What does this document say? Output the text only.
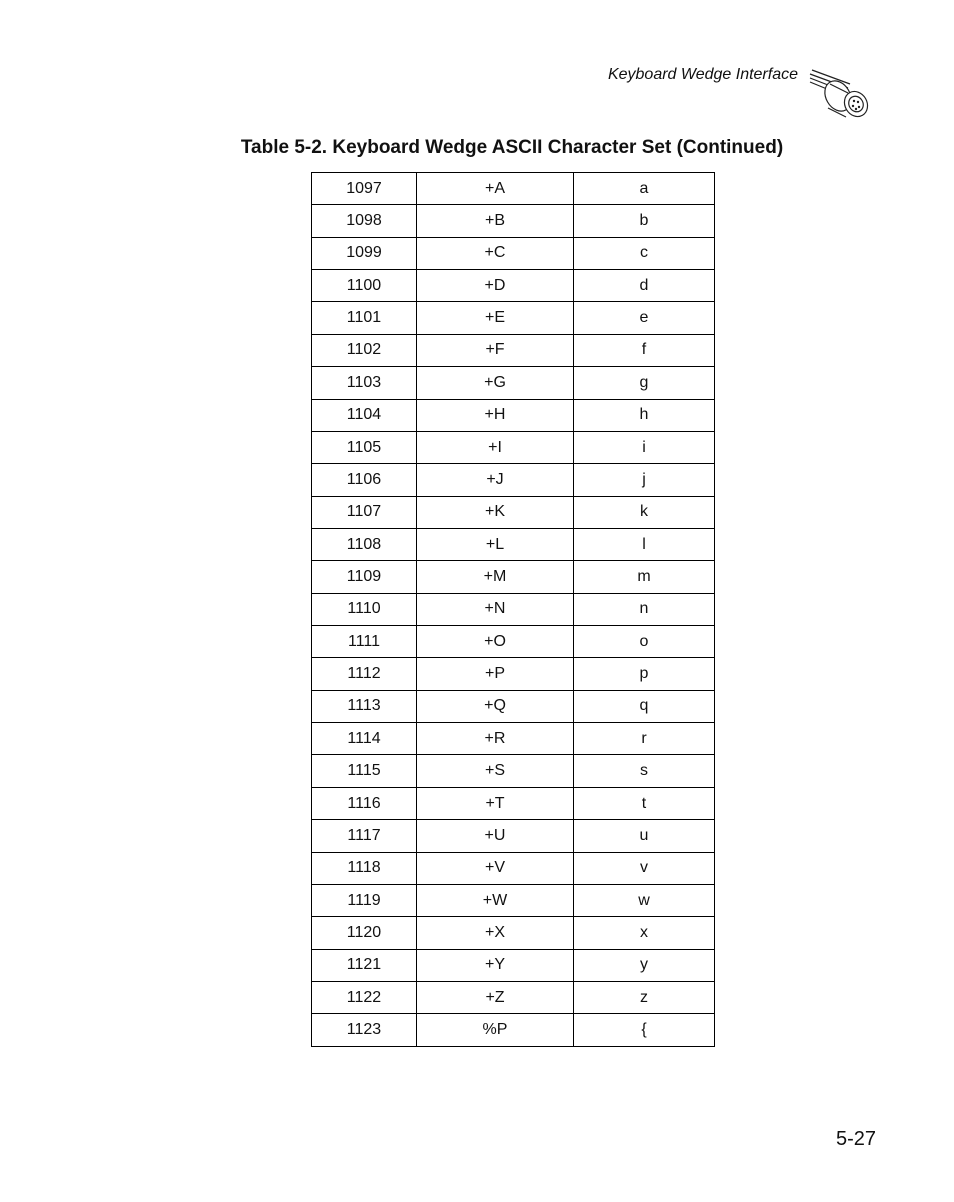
Keyboard Wedge Interface
Table 5-2. Keyboard Wedge ASCII Character Set (Continued)
1097	+A	a
1098	+B	b
1099	+C	c
1100	+D	d
1101	+E	e
1102	+F	f
1103	+G	g
1104	+H	h
1105	+I	i
1106	+J	j
1107	+K	k
1108	+L	l
1109	+M	m
1110	+N	n
1111	+O	o
1112	+P	p
1113	+Q	q
1114	+R	r
1115	+S	s
1116	+T	t
1117	+U	u
1118	+V	v
1119	+W	w
1120	+X	x
1121	+Y	y
1122	+Z	z
1123	%P	{
5-27
